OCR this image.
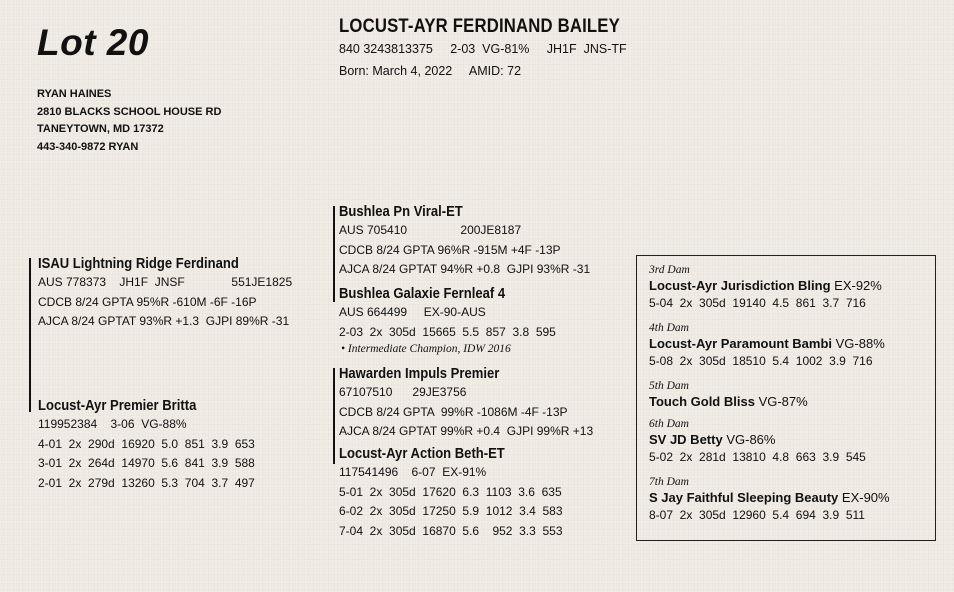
Lot 20
RYAN HAINES
2810 BLACKS SCHOOL HOUSE RD
TANEYTOWN, MD 17372
443-340-9872 RYAN
LOCUST-AYR FERDINAND BAILEY
840 3243813375     2-03  VG-81%     JH1F  JNS-TF
Born: March 4, 2022     AMID: 72
ISAU Lightning Ridge Ferdinand
AUS 778373    JH1F  JNSF              551JE1825
CDCB 8/24 GPTA 95%R -610M -6F -16P
AJCA 8/24 GPTAT 93%R +1.3  GJPI 89%R -31
Locust-Ayr Premier Britta
119952384    3-06  VG-88%
4-01  2x  290d  16920  5.0  851  3.9  653
3-01  2x  264d  14970  5.6  841  3.9  588
2-01  2x  279d  13260  5.3  704  3.7  497
Bushlea Pn Viral-ET
AUS 705410                200JE8187
CDCB 8/24 GPTA 96%R -915M +4F -13P
AJCA 8/24 GPTAT 94%R +0.8  GJPI 93%R -31
Bushlea Galaxie Fernleaf 4
AUS 664499     EX-90-AUS
2-03  2x  305d  15665  5.5  857  3.8  595
• Intermediate Champion, IDW 2016
Hawarden Impuls Premier
67107510      29JE3756
CDCB 8/24 GPTA  99%R -1086M -4F -13P
AJCA 8/24 GPTAT 99%R +0.4  GJPI 99%R +13
Locust-Ayr Action Beth-ET
117541496    6-07  EX-91%
5-01  2x  305d  17620  6.3  1103  3.6  635
6-02  2x  305d  17250  5.9  1012  3.4  583
7-04  2x  305d  16870  5.6    952  3.3  553
3rd Dam
Locust-Ayr Jurisdiction Bling EX-92%
5-04  2x  305d  19140  4.5  861  3.7  716
4th Dam
Locust-Ayr Paramount Bambi VG-88%
5-08  2x  305d  18510  5.4  1002  3.9  716
5th Dam
Touch Gold Bliss VG-87%
6th Dam
SV JD Betty VG-86%
5-02  2x  281d  13810  4.8  663  3.9  545
7th Dam
S Jay Faithful Sleeping Beauty EX-90%
8-07  2x  305d  12960  5.4  694  3.9  511
